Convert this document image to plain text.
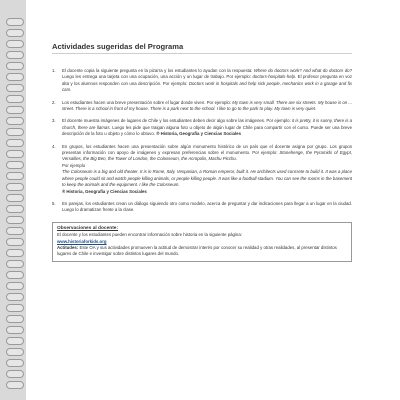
Actividades sugeridas del Programa
1. El docente copia la siguiente pregunta en la pizarra y los estudiantes lo ayudan con la respuesta: Where do doctors work? And what do doctors do? Luego les entrega una tarjeta con una ocupación, una acción y un lugar de trabajo. Por ejemplo: doctors-hospitals-help. El profesor pregunta en voz alta y los alumnos responden con una descripción. Por ejemplo: Doctors work in hospitals and help sick people, mechanics work in a garage and fix cars.
2. Los estudiantes hacen una breve presentación sobre el lugar donde viven. Por ejemplo: My town is very small. There are six streets. My house is on ... street. There is a school in front of my house. There is a park next to the school. I like to go to the park to play. My town is very quiet.
3. El docente muestra imágenes de lugares de Chile y los estudiantes deben decir algo sobre las imágenes. Por ejemplo: it is pretty, it is sunny, there is a church, there are llamas. Luego les pide que traigan alguna foto u objeto de algún lugar de Chile para compartir con el curso. Puede ser una breve descripción de la foto u objeto y cómo lo obtuvo. ® Historia, Geografía y Ciencias Sociales
4. En grupos, los estudiantes hacen una presentación sobre algún monumento histórico de un país que el docente asigna por grupo. Los grupos presentan información con apoyo de imágenes y expresan preferencias sobre el monumento. Por ejemplo: Stonehenge, the Pyramids of Egypt, Versailles, the Big Ben, the Tower of London, the Colosseum, the Acropolis, Machu Picchu.
Por ejemplo
The Colosseum is a big and old theater. It is in Rome, Italy. Vespasian, a Roman emperor, built it. He architects used concrete to build it. It was a place where people could sit and watch people killing animals, or people killing people. It was like a football stadium. You can see the rooms in the basement to keep the animals and the equipment. I like the Colosseum.
® Historia, Geografía y Ciencias Sociales
5. En parejas, los estudiantes crean un diálogo siguiendo otro como modelo, acerca de preguntar y dar indicaciones para llegar a un lugar en la ciudad. Luego lo dramatizan frente a la clase.
Observaciones al docente:
El docente y los estudiantes pueden encontrar información sobre historia en la siguiente página:
www.historiaforkids.org
Actitudes: Este OA y sus actividades promueven la actitud de demostrar interés por conocer su realidad y otras realidades, al presentar distintos lugares de Chile e investigar sobre distintos lugares del mundo.
